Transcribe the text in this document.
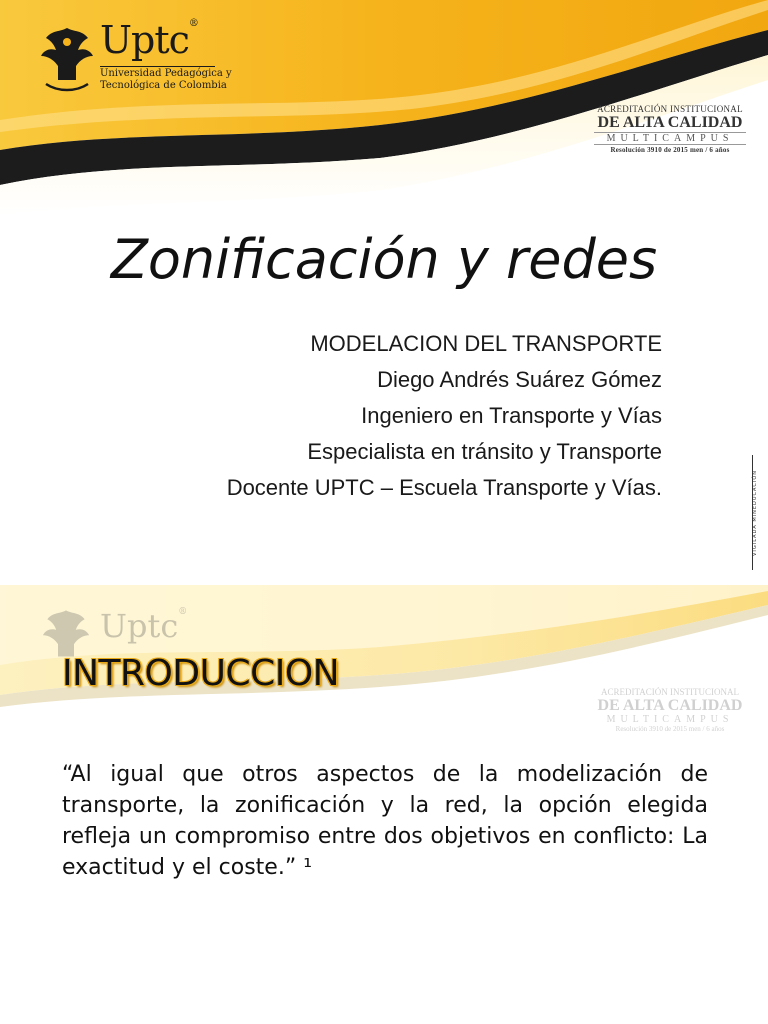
Uptc®
Universidad Pedagógica y
Tecnológica de Colombia
ACREDITACIÓN INSTITUCIONAL
DE ALTA CALIDAD
MULTICAMPUS
Resolución 3910 de 2015 men / 6 años
Zonificación y redes
MODELACION DEL TRANSPORTE
Diego Andrés Suárez Gómez
Ingeniero en Transporte y Vías
Especialista en tránsito y Transporte
Docente UPTC – Escuela Transporte y Vías.	VIGILADA MINEDUCACIÓN
Uptc®
ACREDITACIÓN INSTITUCIONAL
DE ALTA CALIDAD
MULTICAMPUS
Resolución 3910 de 2015 men / 6 años
INTRODUCCION
“Al igual que otros aspectos de la modelización de transporte, la zonificación y la red, la opción elegida refleja un compromiso entre dos objetivos en conflicto: La exactitud y el coste.” ¹
